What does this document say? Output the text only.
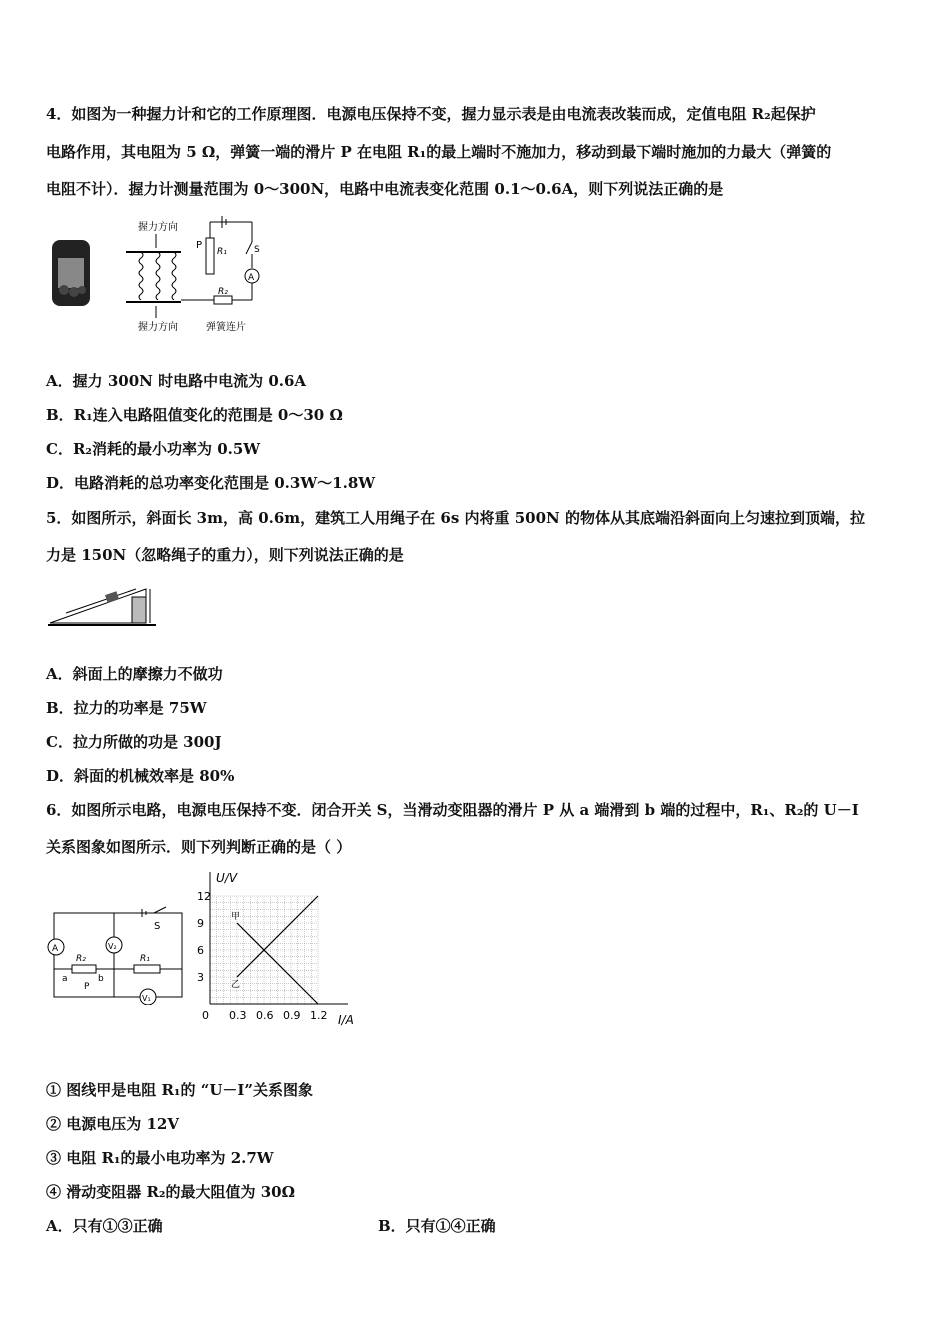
4．如图为一种握力计和它的工作原理图．电源电压保持不变，握力显示表是由电流表改装而成，定值电阻 R₂起保护
电路作用，其电阻为 5 Ω，弹簧一端的滑片 P 在电阻 R₁的最上端时不施加力，移动到最下端时施加的力最大（弹簧的
电阻不计）．握力计测量范围为 0～300N，电路中电流表变化范围 0.1～0.6A，则下列说法正确的是
握力方向
握力方向
P
R₁	S
A
R₂
弹簧连片
A．握力 300N 时电路中电流为 0.6A
B．R₁连入电路阻值变化的范围是 0～30 Ω
C．R₂消耗的最小功率为 0.5W
D．电路消耗的总功率变化范围是 0.3W～1.8W
5．如图所示，斜面长 3m，高 0.6m，建筑工人用绳子在 6s 内将重 500N 的物体从其底端沿斜面向上匀速拉到顶端，拉
力是 150N（忽略绳子的重力），则下列说法正确的是
A．斜面上的摩擦力不做功
B．拉力的功率是 75W
C．拉力所做的功是 300J
D．斜面的机械效率是 80%
6．如图所示电路，电源电压保持不变．闭合开关 S，当滑动变阻器的滑片 P 从 a 端滑到 b 端的过程中，R₁、R₂的 U－I
关系图象如图所示．则下列判断正确的是（ ）
S
A	V₂
R₂
a	b
P
R₁
V₁
U/V
I/A
0 0.3 0.6 0.9 1.2
3
6
9
12
甲
乙
① 图线甲是电阻 R₁的 “U－I”关系图象
② 电源电压为 12V
③ 电阻 R₁的最小电功率为 2.7W
④ 滑动变阻器 R₂的最大阻值为 30Ω
A．只有①③正确	B．只有①④正确
